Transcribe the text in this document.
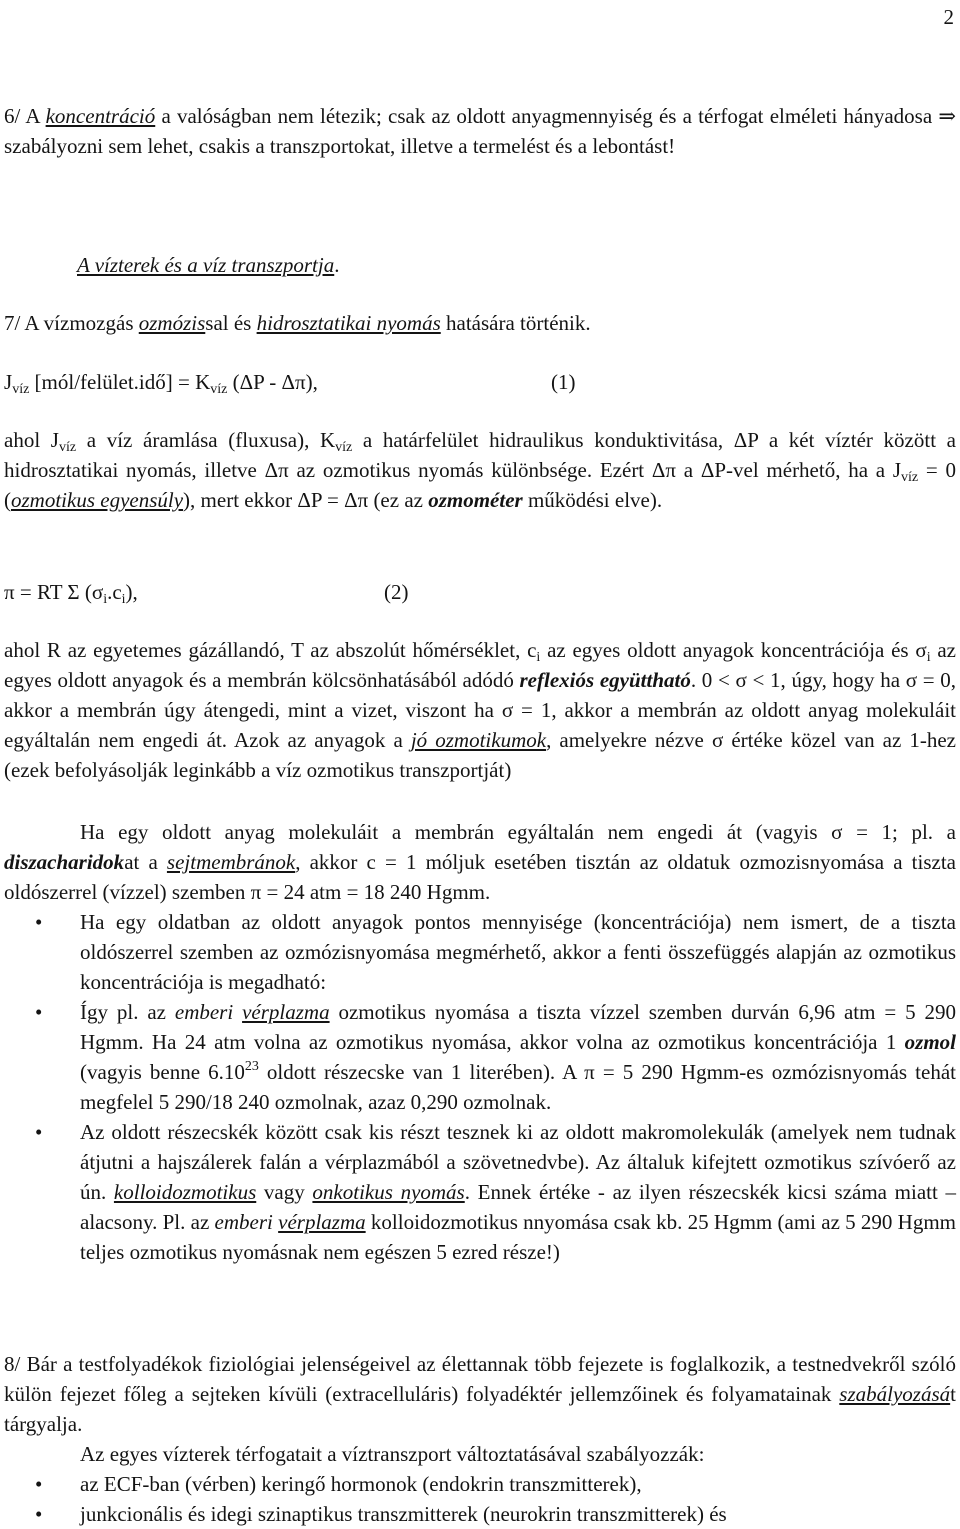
2

6/ A koncentráció a valóságban nem létezik; csak az oldott anyagmennyiség és a térfogat elméleti hányadosa ⇒ szabályozni sem lehet, csakis a transzportokat, illetve a termelést és a lebontást!

A vízterek és a víz transzportja.

7/ A vízmozgás ozmózissal és hidrosztatikai nyomás hatására történik.

$J_{víz}$ [mól/felület.idő] = $K_{víz}$ (ΔP - Δπ),	(1)

ahol $J_{víz}$ a víz áramlása (fluxusa), $K_{víz}$ a határfelület hidraulikus konduktivitása, ΔP a két víztér között a hidrosztatikai nyomás, illetve Δπ az ozmotikus nyomás különbsége. Ezért Δπ a ΔP-vel mérhető, ha a $J_{víz} = 0$ (ozmotikus egyensúly), mert ekkor ΔP = Δπ (ez az ozmométer működési elve).

π = RT Σ $(\sigma_i.c_i)$,	(2)

ahol R az egyetemes gázállandó, T az abszolút hőmérséklet, $c_i$ az egyes oldott anyagok koncentrációja és $\sigma_i$ az egyes oldott anyagok és a membrán kölcsönhatásából adódó reflexiós együttható. 0 < σ < 1, úgy, hogy ha σ = 0, akkor a membrán úgy átengedi, mint a vizet, viszont ha σ = 1, akkor a membrán az oldott anyag molekuláit egyáltalán nem engedi át. Azok az anyagok a jó ozmotikumok, amelyekre nézve σ értéke közel van az 1-hez (ezek befolyásolják leginkább a víz ozmotikus transzportját)

Ha egy oldott anyag molekuláit a membrán egyáltalán nem engedi át (vagyis σ = 1; pl. a diszacharidokat a sejtmembránok, akkor c = 1 móljuk esetében tisztán az oldatuk ozmozisnyomása a tiszta oldószerrel (vízzel) szemben π = 24 atm = 18 240 Hgmm.

• Ha egy oldatban az oldott anyagok pontos mennyisége (koncentrációja) nem ismert, de a tiszta oldószerrel szemben az ozmózisnyomása megmérhető, akkor a fenti összefüggés alapján az ozmotikus koncentrációja is megadható:
• Így pl. az emberi vérplazma ozmotikus nyomása a tiszta vízzel szemben durván 6,96 atm = 5 290 Hgmm. Ha 24 atm volna az ozmotikus nyomása, akkor volna az ozmotikus koncentrációja 1 ozmol (vagyis benne 6.10$^{23}$ oldott részecske van 1 literében). A π = 5 290 Hgmm-es ozmózisnyomás tehát megfelel 5 290/18 240 ozmolnak, azaz 0,290 ozmolnak.
• Az oldott részecskék között csak kis részt tesznek ki az oldott makromolekulák (amelyek nem tudnak átjutni a hajszálerek falán a vérplazmából a szövetnedvbe). Az általuk kifejtett ozmotikus szívóerő az ún. kolloidozmotikus vagy onkotikus nyomás. Ennek értéke - az ilyen részecskék kicsi száma miatt – alacsony. Pl. az emberi vérplazma kolloidozmotikus nnyomása csak kb. 25 Hgmm (ami az 5 290 Hgmm teljes ozmotikus nyomásnak nem egészen 5 ezred része!)

8/ Bár a testfolyadékok fiziológiai jelenségeivel az élettannak több fejezete is foglalkozik, a testnedvekről szóló külön fejezet főleg a sejteken kívüli (extracelluláris) folyadéktér jellemzőinek és folyamatainak szabályozását tárgyalja.

Az egyes vízterek térfogatait a víztranszport változtatásával szabályozzák:

• az ECF-ban (vérben) keringő hormonok (endokrin transzmitterek),
• junkcionális és idegi szinaptikus transzmitterek (neurokrin transzmitterek) és
